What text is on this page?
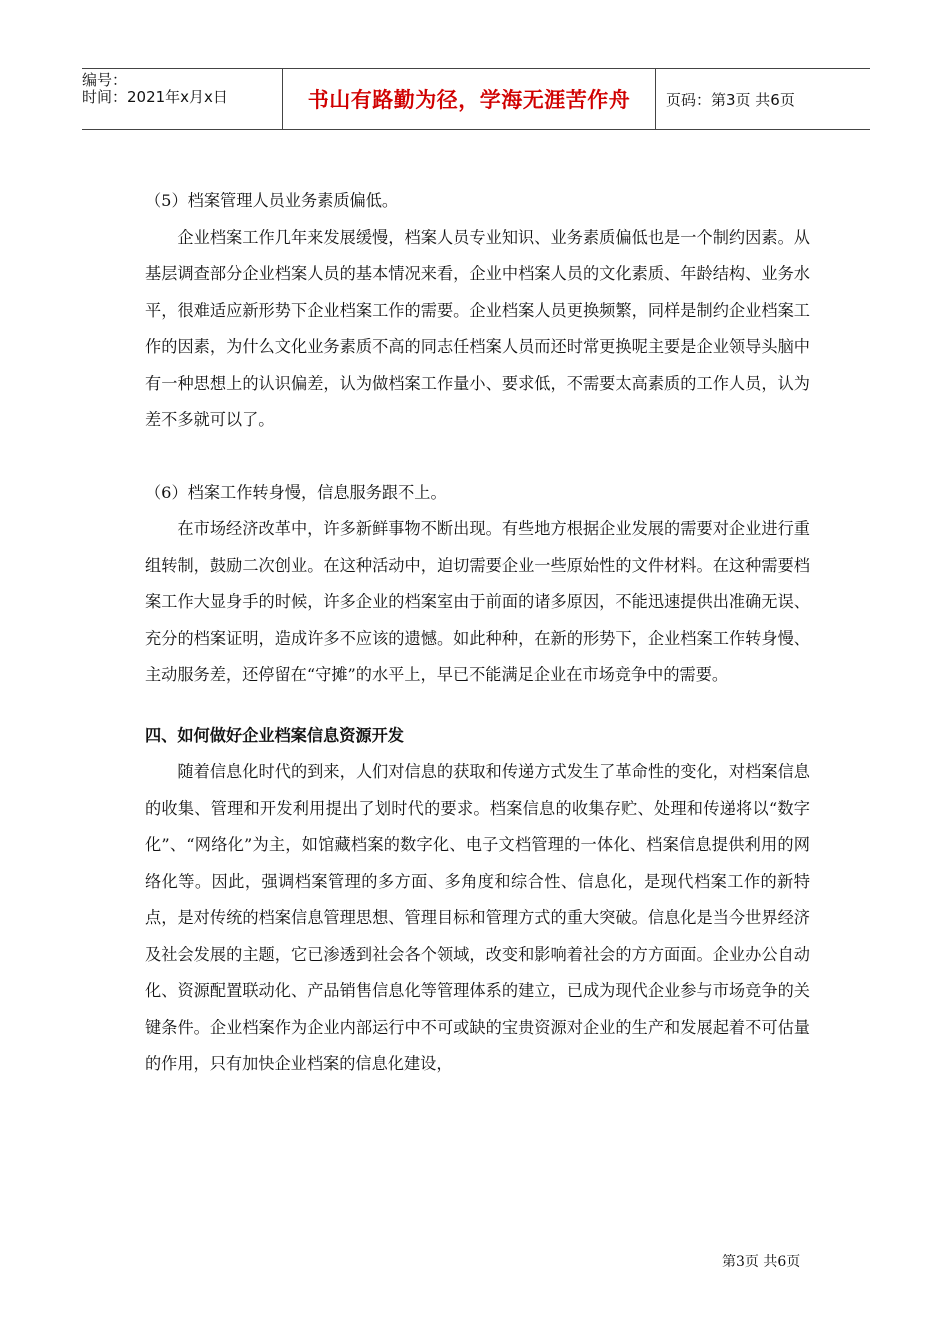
编号：
时间：2021年x月x日	书山有路勤为径，学海无涯苦作舟	页码：第3页 共6页

（5）档案管理人员业务素质偏低。

企业档案工作几年来发展缓慢，档案人员专业知识、业务素质偏低也是一个制约因素。从基层调查部分企业档案人员的基本情况来看，企业中档案人员的文化素质、年龄结构、业务水平，很难适应新形势下企业档案工作的需要。企业档案人员更换频繁，同样是制约企业档案工作的因素，为什么文化业务素质不高的同志任档案人员而还时常更换呢主要是企业领导头脑中有一种思想上的认识偏差，认为做档案工作量小、要求低，不需要太高素质的工作人员，认为差不多就可以了。

（6）档案工作转身慢，信息服务跟不上。

在市场经济改革中，许多新鲜事物不断出现。有些地方根据企业发展的需要对企业进行重组转制，鼓励二次创业。在这种活动中，迫切需要企业一些原始性的文件材料。在这种需要档案工作大显身手的时候，许多企业的档案室由于前面的诸多原因，不能迅速提供出准确无误、充分的档案证明，造成许多不应该的遗憾。如此种种，在新的形势下，企业档案工作转身慢、主动服务差，还停留在“守摊”的水平上，早已不能满足企业在市场竞争中的需要。

四、如何做好企业档案信息资源开发

随着信息化时代的到来，人们对信息的获取和传递方式发生了革命性的变化，对档案信息的收集、管理和开发利用提出了划时代的要求。档案信息的收集存贮、处理和传递将以“数字化”、“网络化”为主，如馆藏档案的数字化、电子文档管理的一体化、档案信息提供利用的网络化等。因此，强调档案管理的多方面、多角度和综合性、信息化，是现代档案工作的新特点，是对传统的档案信息管理思想、管理目标和管理方式的重大突破。信息化是当今世界经济及社会发展的主题，它已渗透到社会各个领域，改变和影响着社会的方方面面。企业办公自动化、资源配置联动化、产品销售信息化等管理体系的建立，已成为现代企业参与市场竞争的关键条件。企业档案作为企业内部运行中不可或缺的宝贵资源对企业的生产和发展起着不可估量的作用，只有加快企业档案的信息化建设，

第3页 共6页
